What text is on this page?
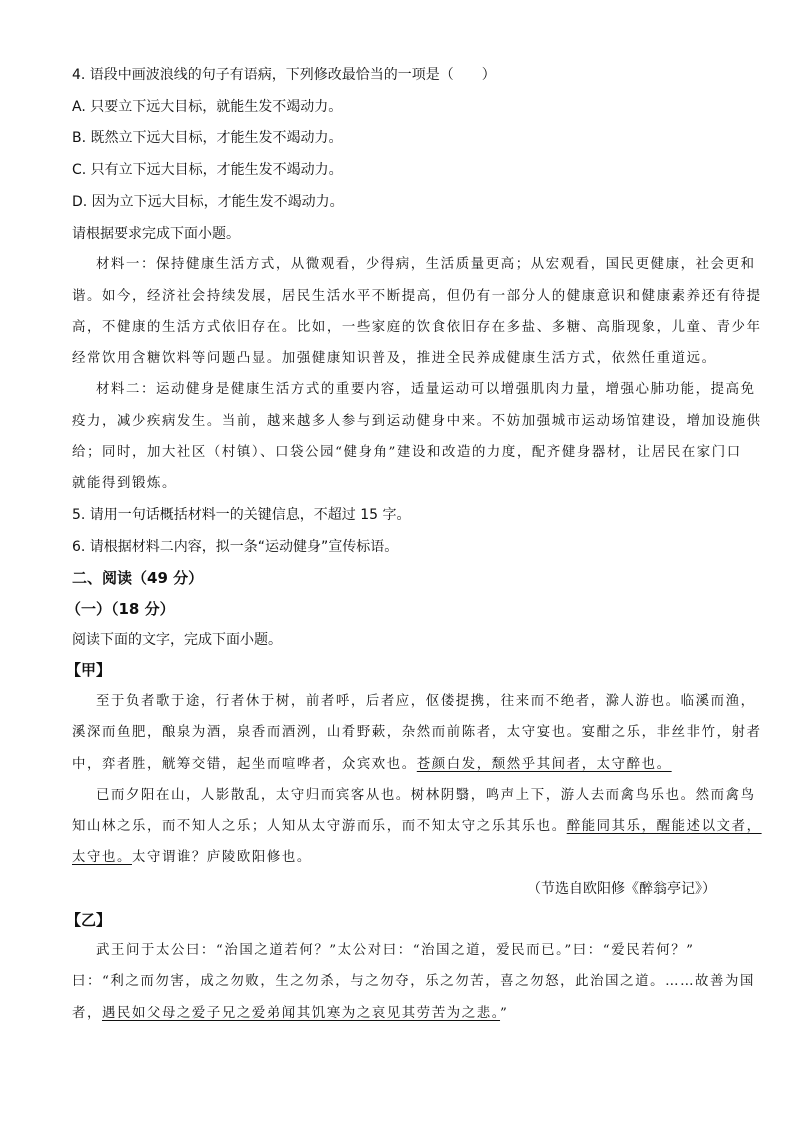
4. 语段中画波浪线的句子有语病，下列修改最恰当的一项是（　　）
A. 只要立下远大目标，就能生发不竭动力。
B. 既然立下远大目标，才能生发不竭动力。
C. 只有立下远大目标，才能生发不竭动力。
D. 因为立下远大目标，才能生发不竭动力。
请根据要求完成下面小题。
材料一：保持健康生活方式，从微观看，少得病，生活质量更高；从宏观看，国民更健康，社会更和
谐。如今，经济社会持续发展，居民生活水平不断提高，但仍有一部分人的健康意识和健康素养还有待提
高，不健康的生活方式依旧存在。比如，一些家庭的饮食依旧存在多盐、多糖、高脂现象，儿童、青少年
经常饮用含糖饮料等问题凸显。加强健康知识普及，推进全民养成健康生活方式，依然任重道远。
材料二：运动健身是健康生活方式的重要内容，适量运动可以增强肌肉力量，增强心肺功能，提高免
疫力，减少疾病发生。当前，越来越多人参与到运动健身中来。不妨加强城市运动场馆建设，增加设施供
给；同时，加大社区（村镇）、口袋公园“健身角”建设和改造的力度，配齐健身器材，让居民在家门口
就能得到锻炼。
5. 请用一句话概括材料一的关键信息，不超过 15 字。
6. 请根据材料二内容，拟一条“运动健身”宣传标语。
二、阅读（49 分）
（一）（18 分）
阅读下面的文字，完成下面小题。
【甲】
至于负者歌于途，行者休于树，前者呼，后者应，伛偻提携，往来而不绝者，滁人游也。临溪而渔，
溪深而鱼肥，酿泉为酒，泉香而酒洌，山肴野蔌，杂然而前陈者，太守宴也。宴酣之乐，非丝非竹，射者
中，弈者胜，觥筹交错，起坐而喧哗者，众宾欢也。苍颜白发，颓然乎其间者，太守醉也。
已而夕阳在山，人影散乱，太守归而宾客从也。树林阴翳，鸣声上下，游人去而禽鸟乐也。然而禽鸟
知山林之乐，而不知人之乐；人知从太守游而乐，而不知太守之乐其乐也。醉能同其乐，醒能述以文者，
太守也。太守谓谁？庐陵欧阳修也。
（节选自欧阳修《醉翁亭记》）
【乙】
武王问于太公曰：“治国之道若何？”太公对曰：“治国之道，爱民而已。”曰：“爱民若何？”
曰：“利之而勿害，成之勿败，生之勿杀，与之勿夺，乐之勿苦，喜之勿怒，此治国之道。……故善为国
者，遇民如父母之爱子兄之爱弟闻其饥寒为之哀见其劳苦为之悲。”
